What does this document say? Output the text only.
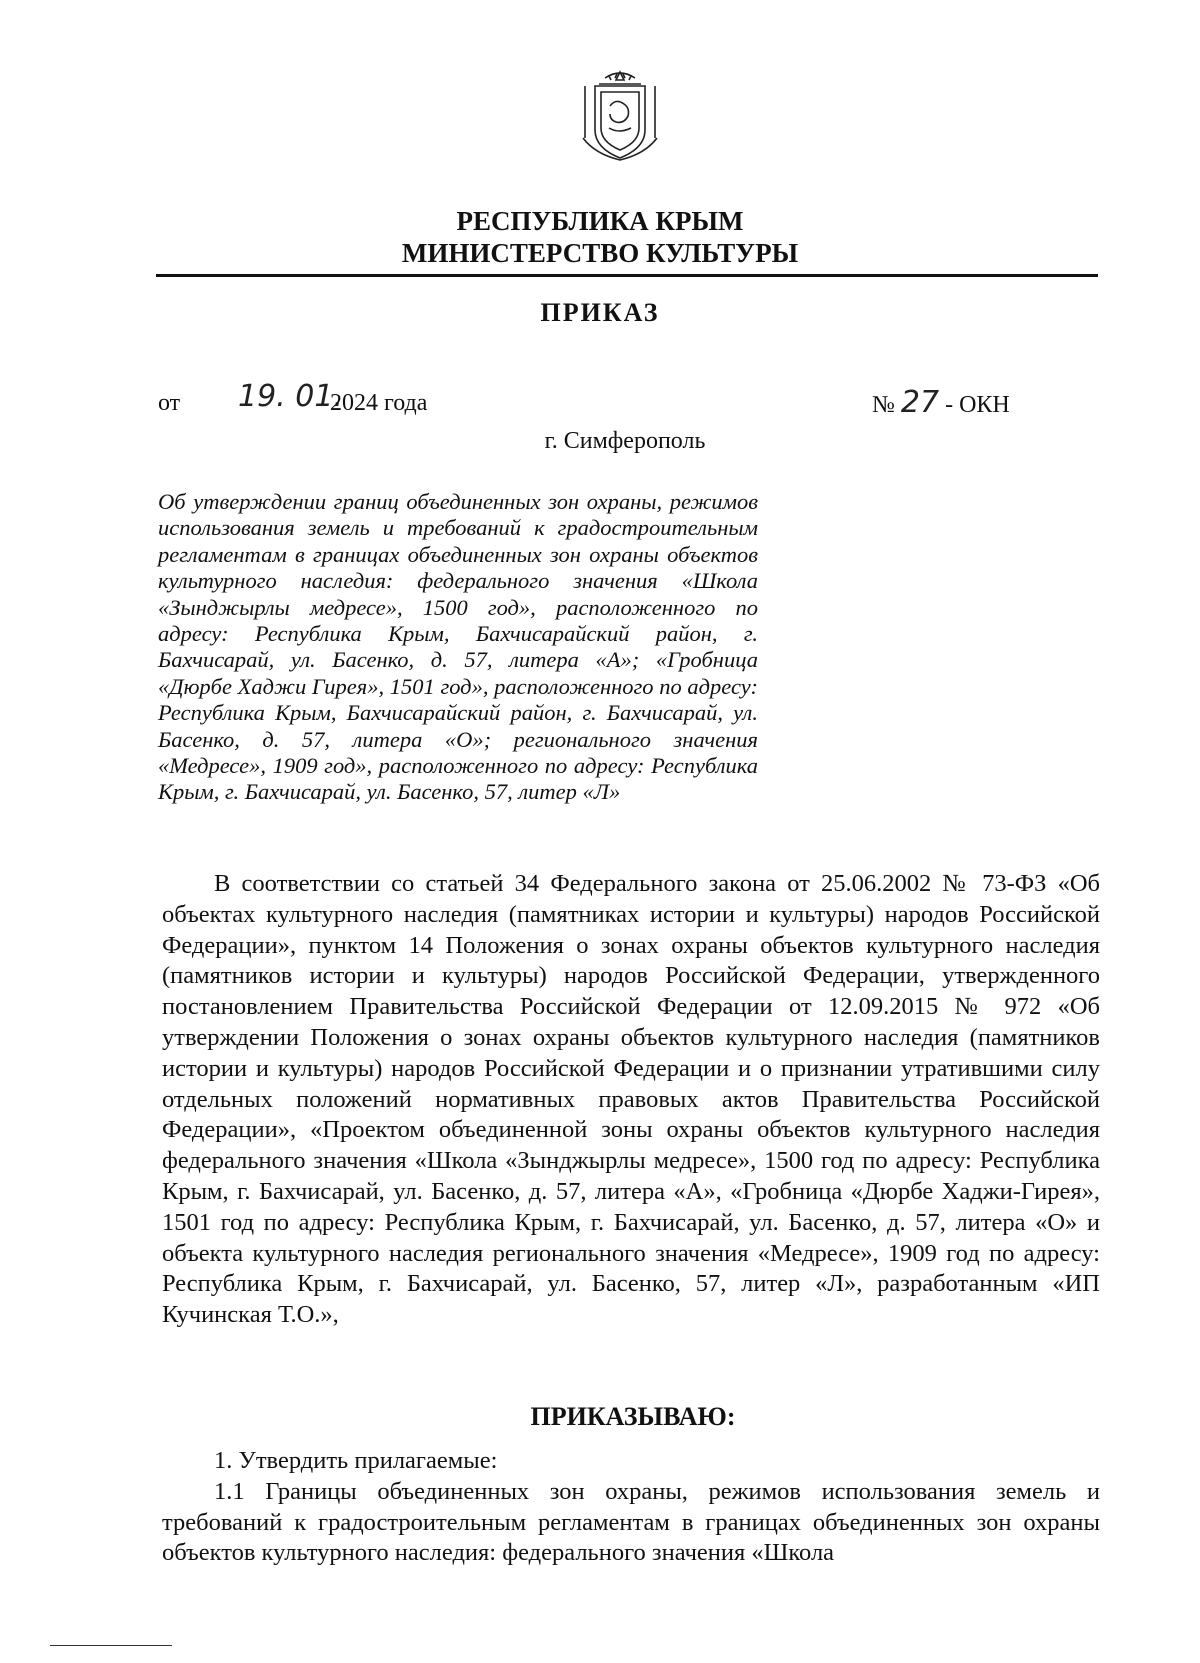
РЕСПУБЛИКА КРЫМ
МИНИСТЕРСТВО КУЛЬТУРЫ
ПРИКАЗ
от 19. 01.
2024 года	№ 27 - ОКН
г. Симферополь
Об утверждении границ объединенных зон охраны, режимов использования земель и требований к градостроительным регламентам в границах объединенных зон охраны объектов культурного наследия: федерального значения «Школа «Зынджырлы медресе», 1500 год», расположенного по адресу: Республика Крым, Бахчисарайский район, г. Бахчисарай, ул. Басенко, д. 57, литера «А»; «Гробница «Дюрбе Хаджи Гирея», 1501 год», расположенного по адресу: Республика Крым, Бахчисарайский район, г. Бахчисарай, ул. Басенко, д. 57, литера «О»; регионального значения «Медресе», 1909 год», расположенного по адресу: Республика Крым, г. Бахчисарай, ул. Басенко, 57, литер «Л»

В соответствии со статьей 34 Федерального закона от 25.06.2002 № 73-ФЗ «Об объектах культурного наследия (памятниках истории и культуры) народов Российской Федерации», пунктом 14 Положения о зонах охраны объектов культурного наследия (памятников истории и культуры) народов Российской Федерации, утвержденного постановлением Правительства Российской Федерации от 12.09.2015 № 972 «Об утверждении Положения о зонах охраны объектов культурного наследия (памятников истории и культуры) народов Российской Федерации и о признании утратившими силу отдельных положений нормативных правовых актов Правительства Российской Федерации», «Проектом объединенной зоны охраны объектов культурного наследия федерального значения «Школа «Зынджырлы медресе», 1500 год по адресу: Республика Крым, г. Бахчисарай, ул. Басенко, д. 57, литера «А», «Гробница «Дюрбе Хаджи-Гирея», 1501 год по адресу: Республика Крым, г. Бахчисарай, ул. Басенко, д. 57, литера «О» и объекта культурного наследия регионального значения «Медресе», 1909 год по адресу: Республика Крым, г. Бахчисарай, ул. Басенко, 57, литер «Л», разработанным «ИП Кучинская Т.О.»,

ПРИКАЗЫВАЮ:

1. Утвердить прилагаемые:

1.1 Границы объединенных зон охраны, режимов использования земель и требований к градостроительным регламентам в границах объединенных зон охраны объектов культурного наследия: федерального значения «Школа
